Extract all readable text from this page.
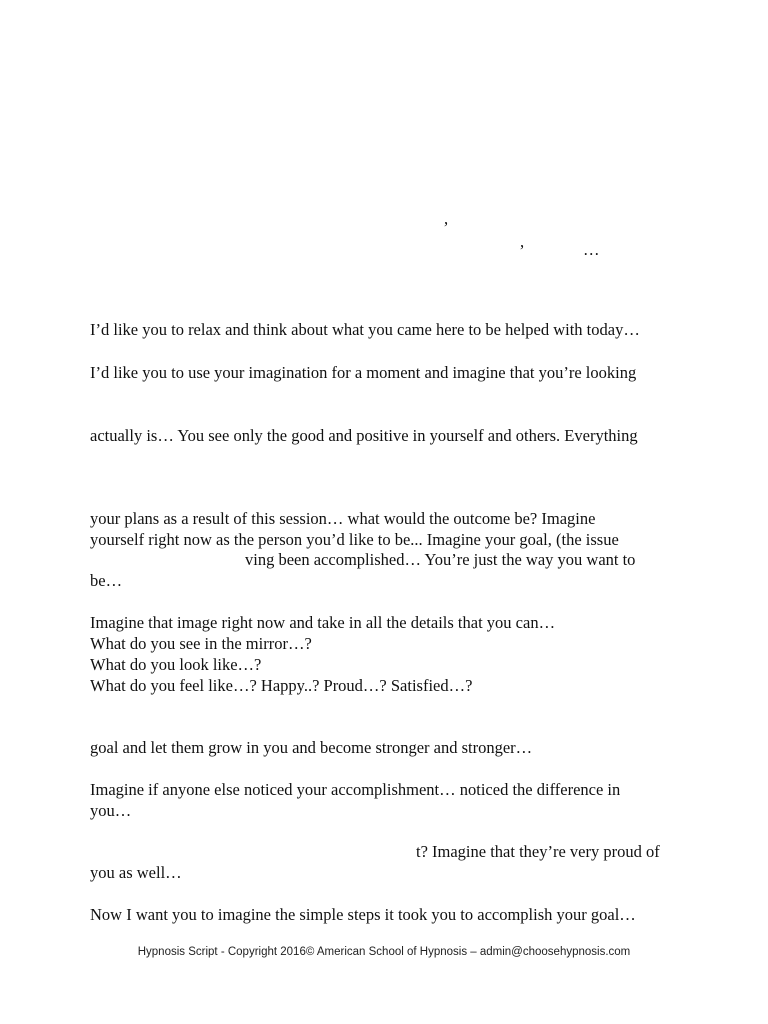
,
,	…
I’d like you to relax and think about what you came here to be helped with today…
I’d like you to use your imagination for a moment and imagine that you’re looking
actually is… You see only the good and positive in yourself and others. Everything
your plans as a result of this session… what would the outcome be? Imagine
yourself right now as the person you’d like to be... Imagine your goal, (the issue
ving been accomplished… You’re just the way you want to
be…
Imagine that image right now and take in all the details that you can…
What do you see in the mirror…?
What do you look like…?
What do you feel like…? Happy..? Proud…? Satisfied…?
goal and let them grow in you and become stronger and stronger…
Imagine if anyone else noticed your accomplishment… noticed the difference in
you…
t? Imagine that they’re very proud of
you as well…
Now I want you to imagine the simple steps it took you to accomplish your goal…
Hypnosis Script - Copyright 2016© American School of Hypnosis – admin@choosehypnosis.com
